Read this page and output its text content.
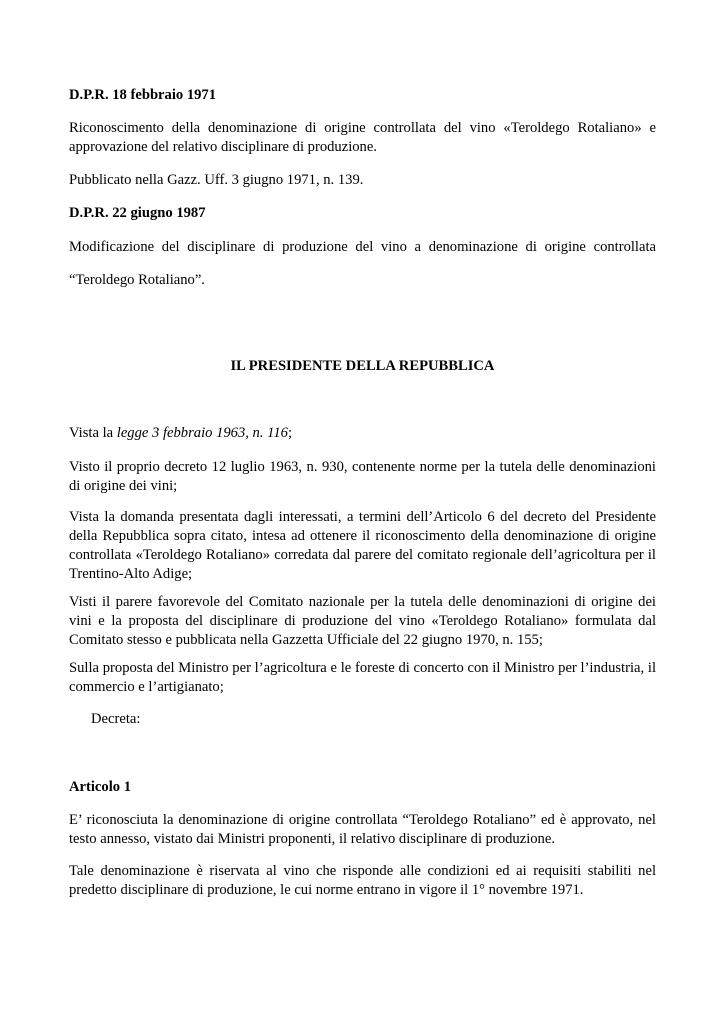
D.P.R. 18 febbraio 1971

Riconoscimento della denominazione di origine controllata del vino «Teroldego Rotaliano» e approvazione del relativo disciplinare di produzione.

Pubblicato nella Gazz. Uff. 3 giugno 1971, n. 139.

D.P.R. 22 giugno 1987

Modificazione del disciplinare di produzione del vino a denominazione di origine controllata

“Teroldego Rotaliano”.

IL PRESIDENTE DELLA REPUBBLICA

Vista la legge 3 febbraio 1963, n. 116;

Visto il proprio decreto 12 luglio 1963, n. 930, contenente norme per la tutela delle denominazioni di origine dei vini;

Vista la domanda presentata dagli interessati, a termini dell’Articolo 6 del decreto del Presidente della Repubblica sopra citato, intesa ad ottenere il riconoscimento della denominazione di origine controllata «Teroldego Rotaliano» corredata dal parere del comitato regionale dell’agricoltura per il Trentino-Alto Adige;

Visti il parere favorevole del Comitato nazionale per la tutela delle denominazioni di origine dei vini e la proposta del disciplinare di produzione del vino «Teroldego Rotaliano» formulata dal Comitato stesso e pubblicata nella Gazzetta Ufficiale del 22 giugno 1970, n. 155;

Sulla proposta del Ministro per l’agricoltura e le foreste di concerto con il Ministro per l’industria, il commercio e l’artigianato;

Decreta:

Articolo 1

E’ riconosciuta la denominazione di origine controllata “Teroldego Rotaliano” ed è approvato, nel testo annesso, vistato dai Ministri proponenti, il relativo disciplinare di produzione.

Tale denominazione è riservata al vino che risponde alle condizioni ed ai requisiti stabiliti nel predetto disciplinare di produzione, le cui norme entrano in vigore il 1° novembre 1971.
